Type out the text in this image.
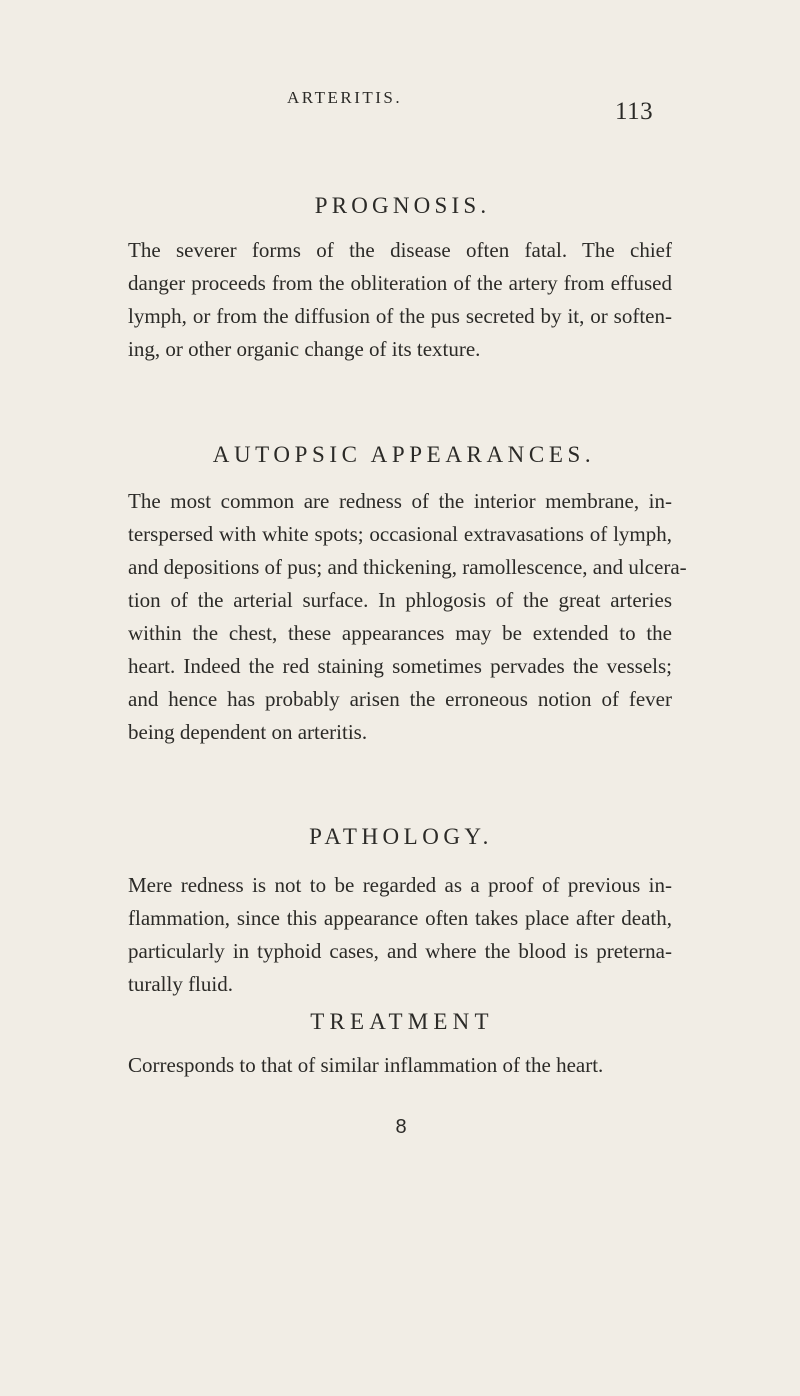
ARTERITIS.
113
PROGNOSIS.
The severer forms of the disease often fatal. The chief
danger proceeds from the obliteration of the artery from effused
lymph, or from the diffusion of the pus secreted by it, or soften-
ing, or other organic change of its texture.
AUTOPSIC APPEARANCES.
The most common are redness of the interior membrane, in-
terspersed with white spots; occasional extravasations of lymph,
and depositions of pus; and thickening, ramollescence, and ulcera-
tion of the arterial surface. In phlogosis of the great arteries
within the chest, these appearances may be extended to the
heart. Indeed the red staining sometimes pervades the vessels;
and hence has probably arisen the erroneous notion of fever
being dependent on arteritis.
PATHOLOGY.
Mere redness is not to be regarded as a proof of previous in-
flammation, since this appearance often takes place after death,
particularly in typhoid cases, and where the blood is preterna-
turally fluid.
TREATMENT
Corresponds to that of similar inflammation of the heart.
8
